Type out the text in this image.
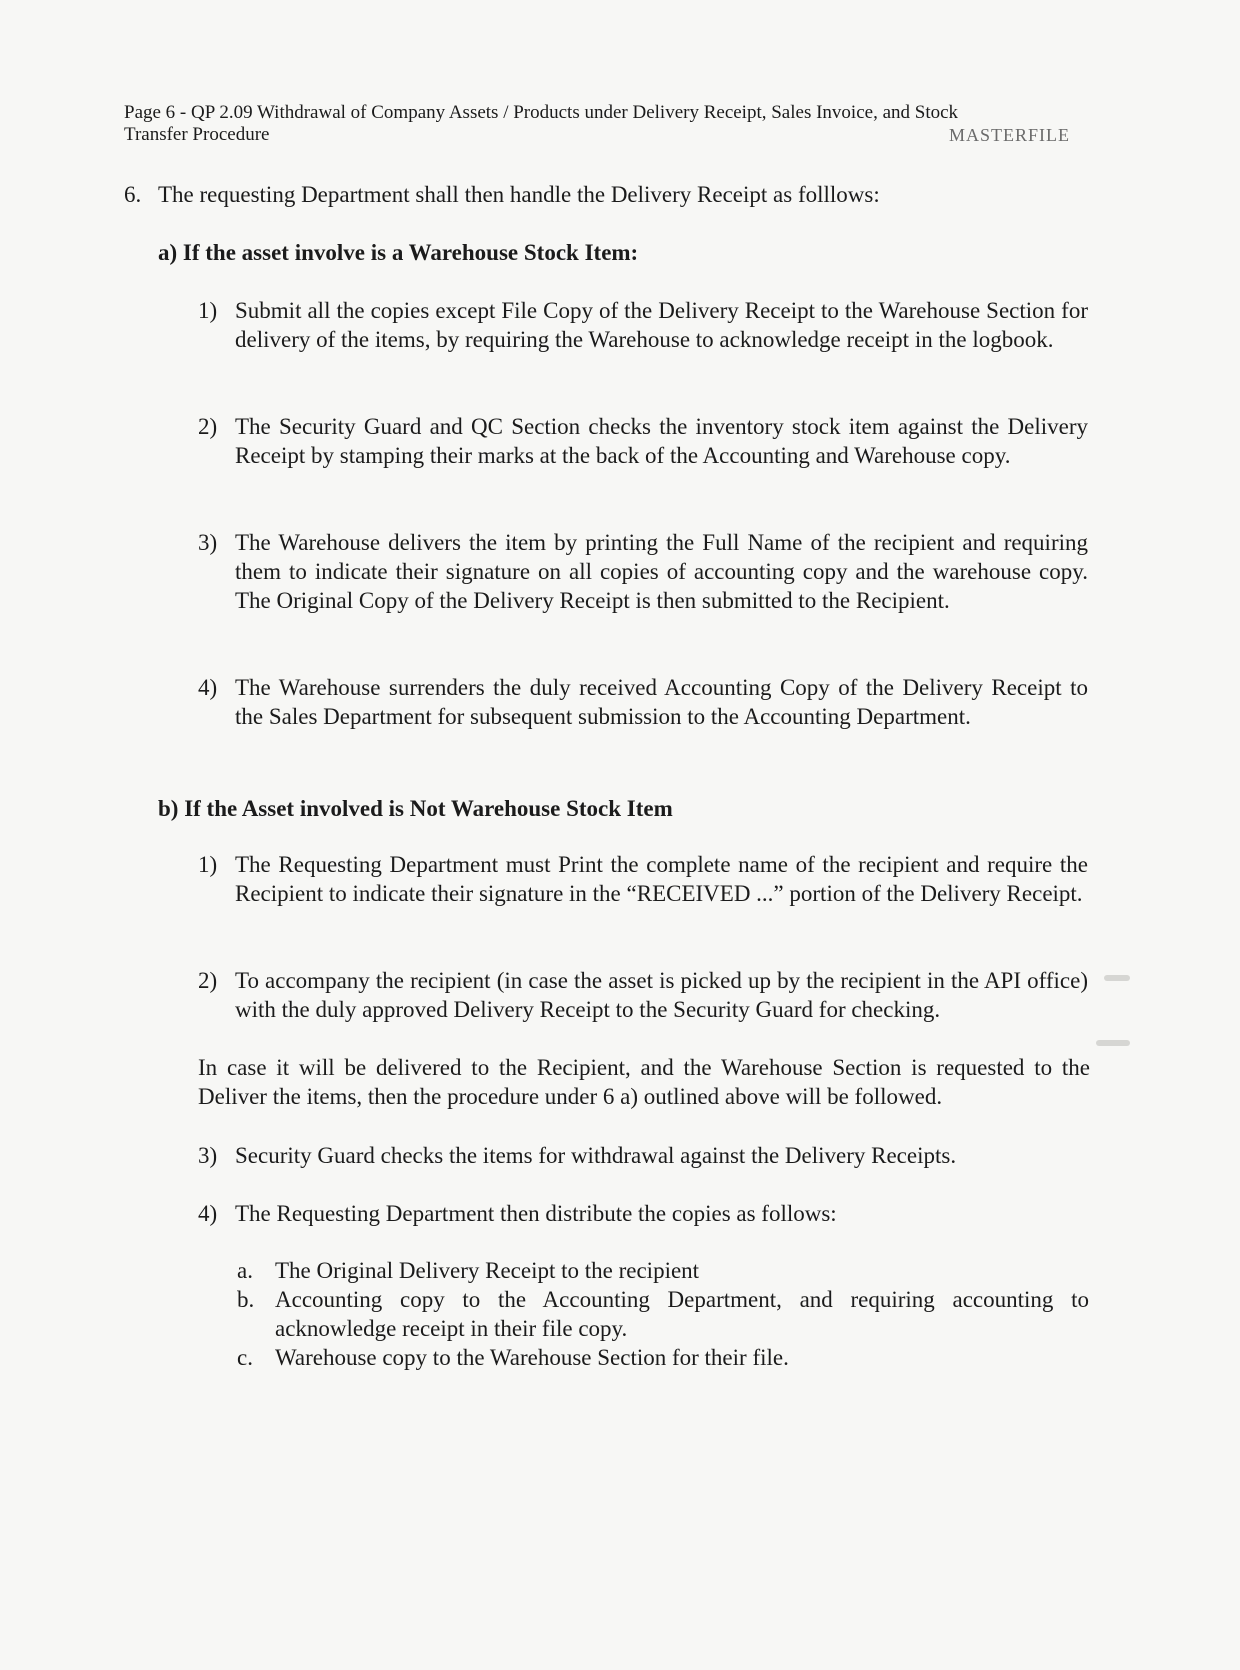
Page 6 - QP 2.09 Withdrawal of Company Assets / Products under Delivery Receipt, Sales Invoice, and Stock
Transfer Procedure	MASTERFILE
6. The requesting Department shall then handle the Delivery Receipt as folllows:
a) If the asset involve is a Warehouse Stock Item:
1) Submit all the copies except File Copy of the Delivery Receipt to the Warehouse Section for delivery of the items, by requiring the Warehouse to acknowledge receipt in the logbook.
2) The Security Guard and QC Section checks the inventory stock item against the Delivery Receipt by stamping their marks at the back of the Accounting and Warehouse copy.
3) The Warehouse delivers the item by printing the Full Name of the recipient and requiring them to indicate their signature on all copies of accounting copy and the warehouse copy. The Original Copy of the Delivery Receipt is then submitted to the Recipient.
4) The Warehouse surrenders the duly received Accounting Copy of the Delivery Receipt to the Sales Department for subsequent submission to the Accounting Department.
b) If the Asset involved is Not Warehouse Stock Item
1) The Requesting Department must Print the complete name of the recipient and require the Recipient to indicate their signature in the “RECEIVED ...” portion of the Delivery Receipt.
2) To accompany the recipient (in case the asset is picked up by the recipient in the API office) with the duly approved Delivery Receipt to the Security Guard for checking.
In case it will be delivered to the Recipient, and the Warehouse Section is requested to the Deliver the items, then the procedure under 6 a) outlined above will be followed.
3) Security Guard checks the items for withdrawal against the Delivery Receipts.
4) The Requesting Department then distribute the copies as follows:
a. The Original Delivery Receipt to the recipient
b. Accounting copy to the Accounting Department, and requiring accounting to acknowledge receipt in their file copy.
c. Warehouse copy to the Warehouse Section for their file.
